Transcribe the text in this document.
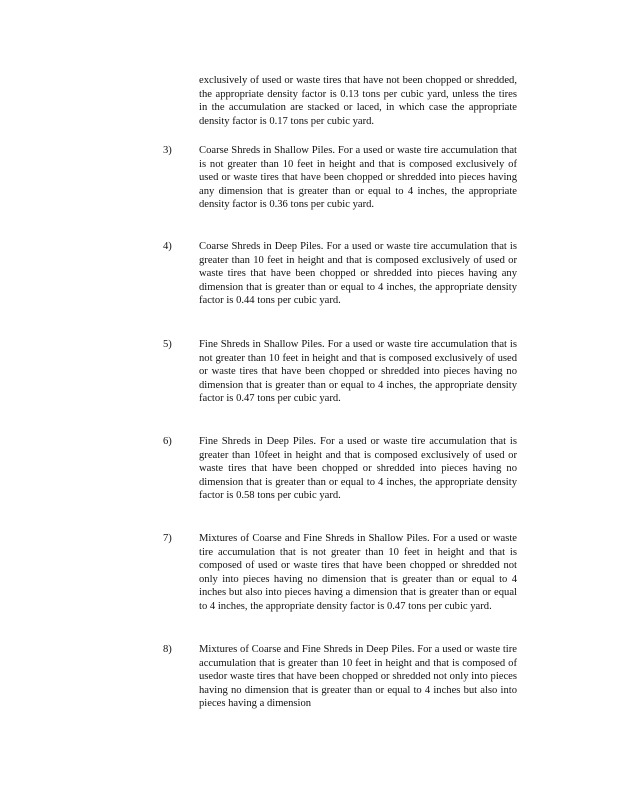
exclusively of used or waste tires that have not been chopped or shredded, the appropriate density factor is 0.13 tons per cubic yard, unless the tires in the accumulation are stacked or laced, in which case the appropriate density factor is 0.17 tons per cubic yard.

3)	Coarse Shreds in Shallow Piles. For a used or waste tire accumulation that is not greater than 10 feet in height and that is composed exclusively of used or waste tires that have been chopped or shredded into pieces having any dimension that is greater than or equal to 4 inches, the appropriate density factor is 0.36 tons per cubic yard.

4)	Coarse Shreds in Deep Piles. For a used or waste tire accumulation that is greater than 10 feet in height and that is composed exclusively of used or waste tires that have been chopped or shredded into pieces having any dimension that is greater than or equal to 4 inches, the appropriate density factor is 0.44 tons per cubic yard.

5)	Fine Shreds in Shallow Piles. For a used or waste tire accumulation that is not greater than 10 feet in height and that is composed exclusively of used or waste tires that have been chopped or shredded into pieces having no dimension that is greater than or equal to 4 inches, the appropriate density factor is 0.47 tons per cubic yard.

6)	Fine Shreds in Deep Piles. For a used or waste tire accumulation that is greater than 10feet in height and that is composed exclusively of used or waste tires that have been chopped or shredded into pieces having no dimension that is greater than or equal to 4 inches, the appropriate density factor is 0.58 tons per cubic yard.

7)	Mixtures of Coarse and Fine Shreds in Shallow Piles. For a used or waste tire accumulation that is not greater than 10 feet in height and that is composed of used or waste tires that have been chopped or shredded not only into pieces having no dimension that is greater than or equal to 4 inches but also into pieces having a dimension that is greater than or equal to 4 inches, the appropriate density factor is 0.47 tons per cubic yard.

8)	Mixtures of Coarse and Fine Shreds in Deep Piles. For a used or waste tire accumulation that is greater than 10 feet in height and that is composed of usedor waste tires that have been chopped or shredded not only into pieces having no dimension that is greater than or equal to 4 inches but also into pieces having a dimension
